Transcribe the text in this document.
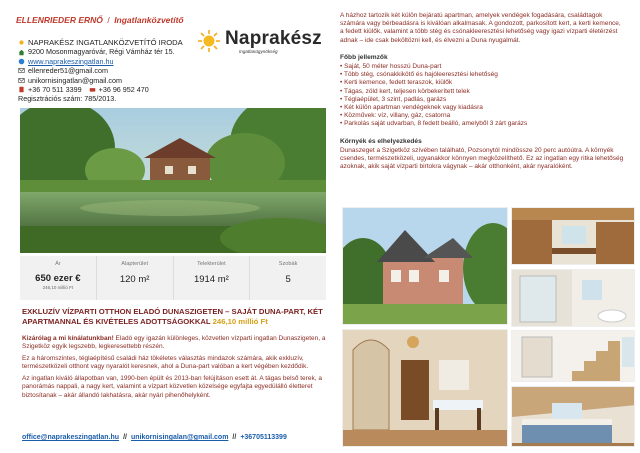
ELLENRIEDER ERNŐ / Ingatlanközvetítő
NAPRAKÉSZ INGATLANKÖZVETÍTŐ IRODA
9200 Mosonmagyaróvár, Régi Vámház tér 15.
www.naprakeszingatlan.hu
ellenreder51@gmail.com
unikornisingatlan@gmail.com
+36 70 511 3399 +36 96 952 470
Regisztrációs szám: 785/2013.
Naprakész
Ingatlanügynökség
Ár
650 ezer €
246,10 millió Ft
Alapterület
120 m²
Telekterület
1914 m²
Szobák
5
EXKLUZÍV VÍZPARTI OTTHON ELADÓ DUNASZIGETEN – SAJÁT DUNA-PART, KÉT APARTMANNAL ÉS KIVÉTELES ADOTTSÁGOKKAL 246,10 millió Ft

Kizárólag a mi kínálatunkban! Eladó egy igazán különleges, közvetlen vízparti ingatlan Dunaszigeten, a Szigetköz egyik legszebb, legkeresettebb részén.

Ez a háromszintes, téglaépítésű családi ház tökéletes választás mindazok számára, akik exkluzív, természetközeli otthont vagy nyaralót keresnek, ahol a Duna-part valóban a kert végében kezdődik.

Az ingatlan kiváló állapotban van, 1990-ben épült és 2013-ban felújításon esett át. A tágas belső terek, a panorámás nappali, a nagy kert, valamint a vízpart közvetlen közelsége egyfajta egyedülálló életteret biztosítanak – akár állandó lakhatásra, akár nyári pihenőhelyként.

office@naprakeszingatlan.hu // unikornisingalan@gmail.com // +36705113399
A házhoz tartozik két külön bejáratú apartman, amelyek vendégek fogadására, családtagok számára vagy bérbeadásra is kiválóan alkalmasak. A gondozott, parkosított kert, a kerti kemence, a fedett kiülők, valamint a több stég és csónakleeresztési lehetőség vagy igazi vízparti életérzést adnak – ide csak beköltözni kell, és élvezni a Duna nyugalmát.
Főbb jellemzők
• Saját, 50 méter hosszú Duna-part
• Több stég, csónakkikötő és hajóleeresztési lehetőség
• Kerti kemence, fedett teraszok, kiülők
• Tágas, zöld kert, teljesen körbekerített telek
• Téglaépület, 3 szint, padlás, garázs
• Két külön apartman vendégeknek vagy kiadásra
• Közművek: víz, villany, gáz, csatorna
• Parkolás saját udvarban, 8 fedett beálló, amelyből 3 zárt garázs
Környék és elhelyezkedés
Dunaszeget a Szigetköz szívében található, Pozsonytól mindössze 20 perc autóútra. A környék csendes, természetközeli, ugyanakkor könnyen megközelíthető. Ez az ingatlan egy ritka lehetőség azoknak, akik saját vízparti birtokra vágynak – akár otthonként, akár nyaralóként.
